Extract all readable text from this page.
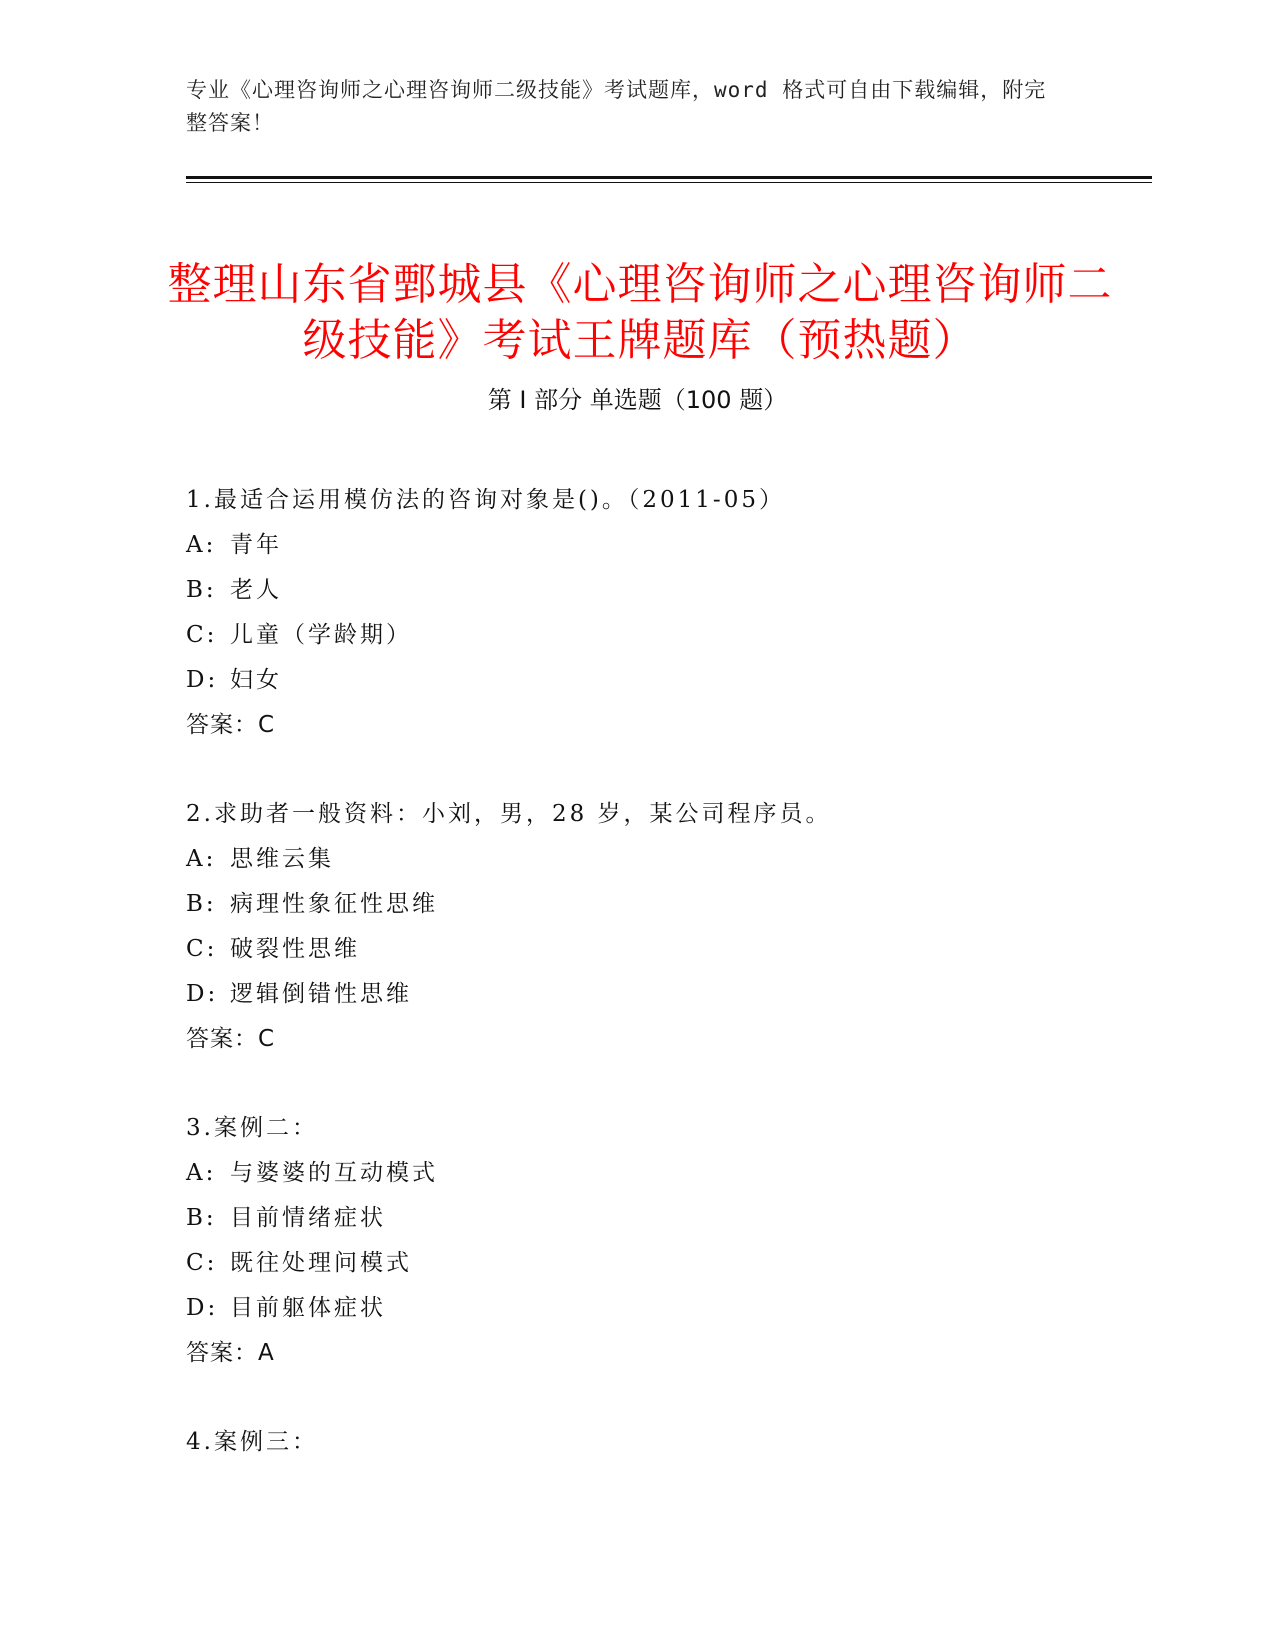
专业《心理咨询师之心理咨询师二级技能》考试题库，word 格式可自由下载编辑，附完整答案！
整理山东省鄄城县《心理咨询师之心理咨询师二级技能》考试王牌题库（预热题）
第 I 部分 单选题（100 题）
1.最适合运用模仿法的咨询对象是()。（2011-05）
A: 青年
B: 老人
C: 儿童（学龄期）
D: 妇女
答案：C
2.求助者一般资料：小刘，男，28 岁，某公司程序员。
A: 思维云集
B: 病理性象征性思维
C: 破裂性思维
D: 逻辑倒错性思维
答案：C
3.案例二：
A: 与婆婆的互动模式
B: 目前情绪症状
C: 既往处理问模式
D: 目前躯体症状
答案：A
4.案例三：
